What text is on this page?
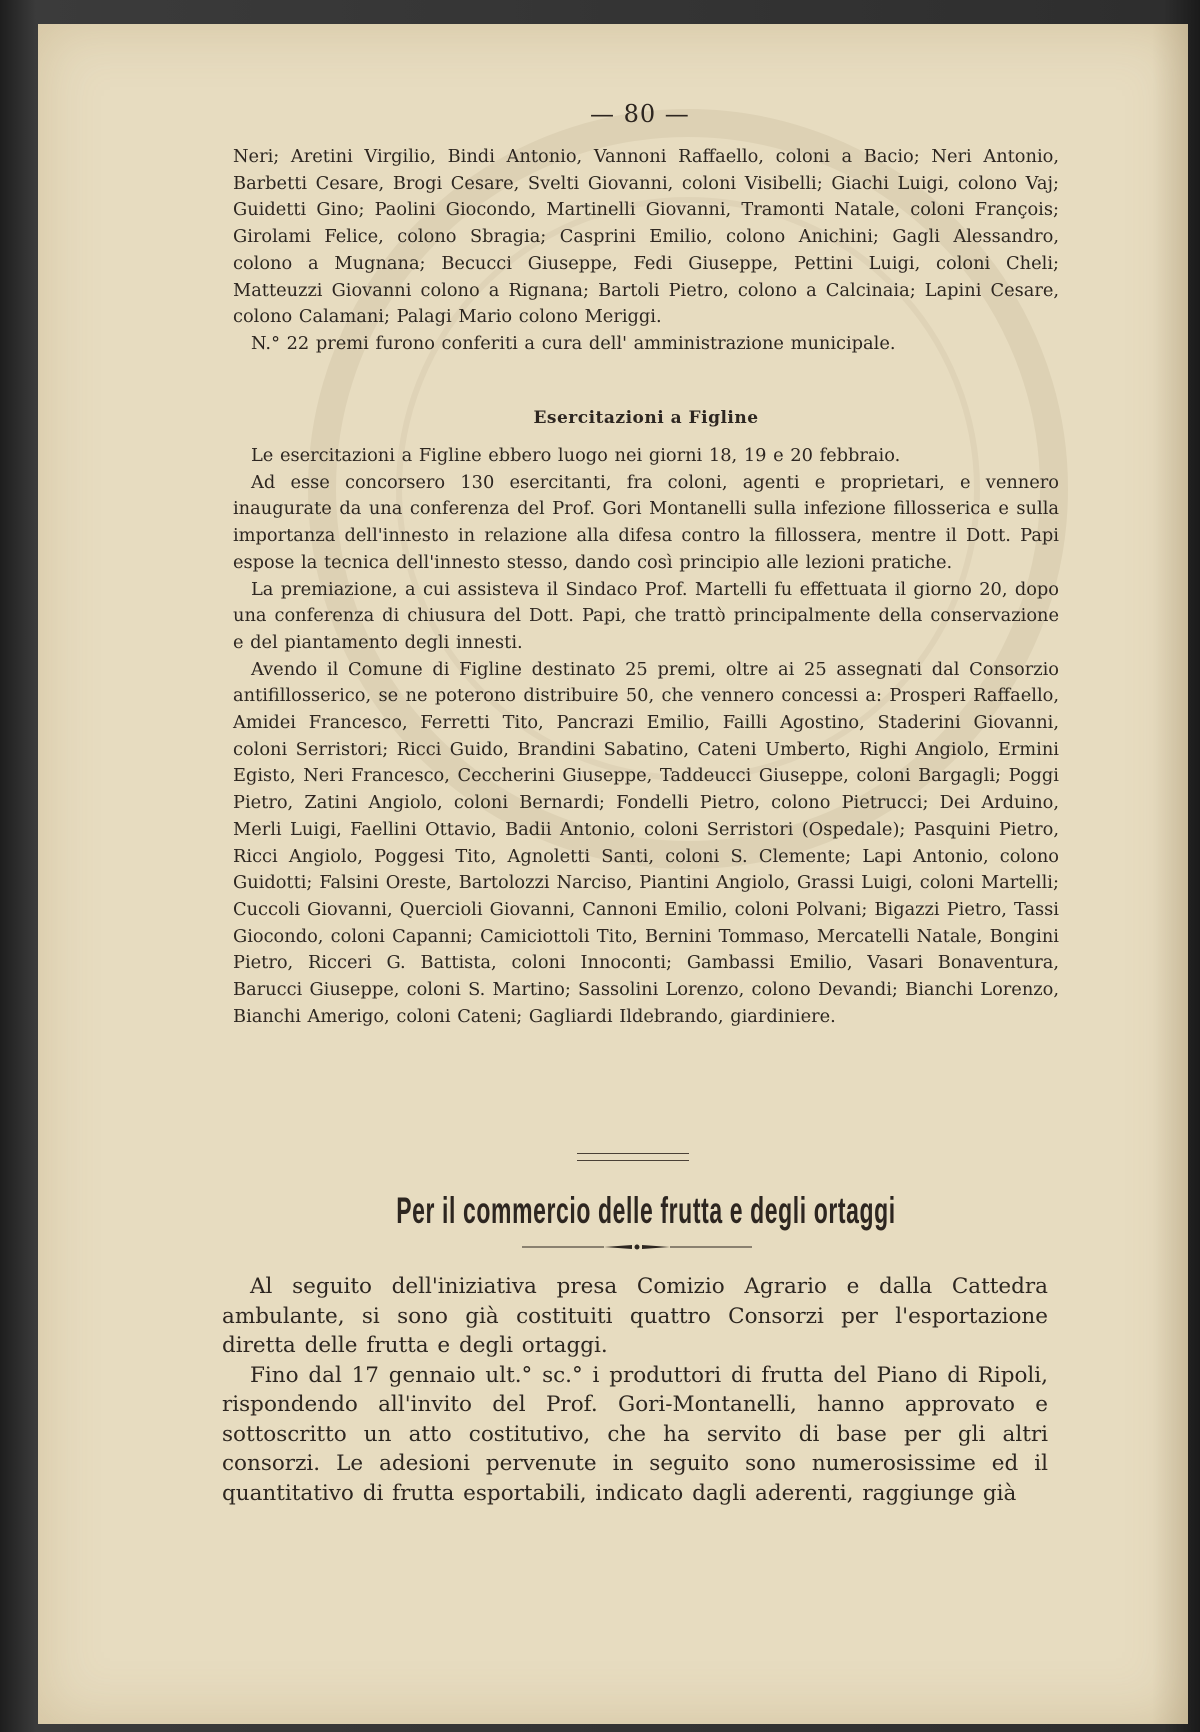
— 80 —

Neri; Aretini Virgilio, Bindi Antonio, Vannoni Raffaello, coloni a Bacio; Neri Antonio, Barbetti Cesare, Brogi Cesare, Svelti Giovanni, coloni Visibelli; Giachi Luigi, colono Vaj; Guidetti Gino; Paolini Giocondo, Martinelli Giovanni, Tramonti Natale, coloni François; Girolami Felice, colono Sbragia; Casprini Emilio, colono Anichini; Gagli Alessandro, colono a Mugnana; Becucci Giuseppe, Fedi Giuseppe, Pettini Luigi, coloni Cheli; Matteuzzi Giovanni colono a Rignana; Bartoli Pietro, colono a Calcinaia; Lapini Cesare, colono Calamani; Palagi Mario colono Meriggi.

N.° 22 premi furono conferiti a cura dell' amministrazione municipale.

Esercitazioni a Figline

Le esercitazioni a Figline ebbero luogo nei giorni 18, 19 e 20 febbraio.

Ad esse concorsero 130 esercitanti, fra coloni, agenti e proprietari, e vennero inaugurate da una conferenza del Prof. Gori Montanelli sulla infezione fillosserica e sulla importanza dell'innesto in relazione alla difesa contro la fillossera, mentre il Dott. Papi espose la tecnica dell'innesto stesso, dando così principio alle lezioni pratiche.

La premiazione, a cui assisteva il Sindaco Prof. Martelli fu effettuata il giorno 20, dopo una conferenza di chiusura del Dott. Papi, che trattò principalmente della conservazione e del piantamento degli innesti.

Avendo il Comune di Figline destinato 25 premi, oltre ai 25 assegnati dal Consorzio antifillosserico, se ne poterono distribuire 50, che vennero concessi a: Prosperi Raffaello, Amidei Francesco, Ferretti Tito, Pancrazi Emilio, Failli Agostino, Staderini Giovanni, coloni Serristori; Ricci Guido, Brandini Sabatino, Cateni Umberto, Righi Angiolo, Ermini Egisto, Neri Francesco, Ceccherini Giuseppe, Taddeucci Giuseppe, coloni Bargagli; Poggi Pietro, Zatini Angiolo, coloni Bernardi; Fondelli Pietro, colono Pietrucci; Dei Arduino, Merli Luigi, Faellini Ottavio, Badii Antonio, coloni Serristori (Ospedale); Pasquini Pietro, Ricci Angiolo, Poggesi Tito, Agnoletti Santi, coloni S. Clemente; Lapi Antonio, colono Guidotti; Falsini Oreste, Bartolozzi Narciso, Piantini Angiolo, Grassi Luigi, coloni Martelli; Cuccoli Giovanni, Quercioli Giovanni, Cannoni Emilio, coloni Polvani; Bigazzi Pietro, Tassi Giocondo, coloni Capanni; Camiciottoli Tito, Bernini Tommaso, Mercatelli Natale, Bongini Pietro, Ricceri G. Battista, coloni Innoconti; Gambassi Emilio, Vasari Bonaventura, Barucci Giuseppe, coloni S. Martino; Sassolini Lorenzo, colono Devandi; Bianchi Lorenzo, Bianchi Amerigo, coloni Cateni; Gagliardi Ildebrando, giardiniere.

Per il commercio delle frutta e degli ortaggi

Al seguito dell'iniziativa presa Comizio Agrario e dalla Cattedra ambulante, si sono già costituiti quattro Consorzi per l'esportazione diretta delle frutta e degli ortaggi.

Fino dal 17 gennaio ult.° sc.° i produttori di frutta del Piano di Ripoli, rispondendo all'invito del Prof. Gori-Montanelli, hanno approvato e sottoscritto un atto costitutivo, che ha servito di base per gli altri consorzi. Le adesioni pervenute in seguito sono numerosissime ed il quantitativo di frutta esportabili, indicato dagli aderenti, raggiunge già
